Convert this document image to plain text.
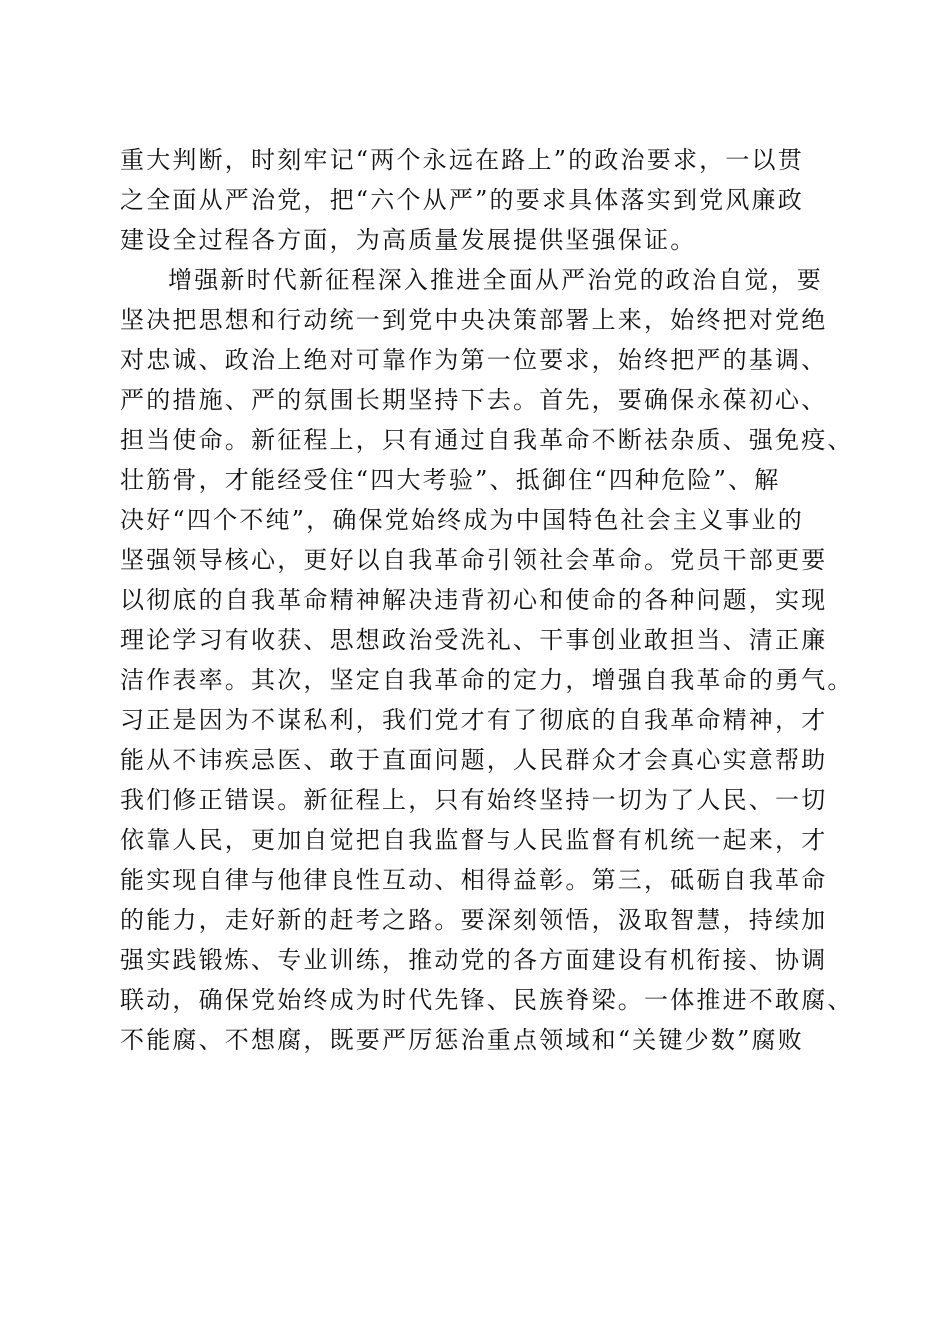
重大判断，时刻牢记“两个永远在路上”的政治要求，一以贯
之全面从严治党，把“六个从严”的要求具体落实到党风廉政
建设全过程各方面，为高质量发展提供坚强保证。
增强新时代新征程深入推进全面从严治党的政治自觉，要
坚决把思想和行动统一到党中央决策部署上来，始终把对党绝
对忠诚、政治上绝对可靠作为第一位要求，始终把严的基调、
严的措施、严的氛围长期坚持下去。首先，要确保永葆初心、
担当使命。新征程上，只有通过自我革命不断祛杂质、强免疫、
壮筋骨，才能经受住“四大考验”、抵御住“四种危险”、解
决好“四个不纯”，确保党始终成为中国特色社会主义事业的
坚强领导核心，更好以自我革命引领社会革命。党员干部更要
以彻底的自我革命精神解决违背初心和使命的各种问题，实现
理论学习有收获、思想政治受洗礼、干事创业敢担当、清正廉
洁作表率。其次，坚定自我革命的定力，增强自我革命的勇气。
习正是因为不谋私利，我们党才有了彻底的自我革命精神，才
能从不讳疾忌医、敢于直面问题，人民群众才会真心实意帮助
我们修正错误。新征程上，只有始终坚持一切为了人民、一切
依靠人民，更加自觉把自我监督与人民监督有机统一起来，才
能实现自律与他律良性互动、相得益彰。第三，砥砺自我革命
的能力，走好新的赶考之路。要深刻领悟，汲取智慧，持续加
强实践锻炼、专业训练，推动党的各方面建设有机衔接、协调
联动，确保党始终成为时代先锋、民族脊梁。一体推进不敢腐、
不能腐、不想腐，既要严厉惩治重点领域和“关键少数”腐败
